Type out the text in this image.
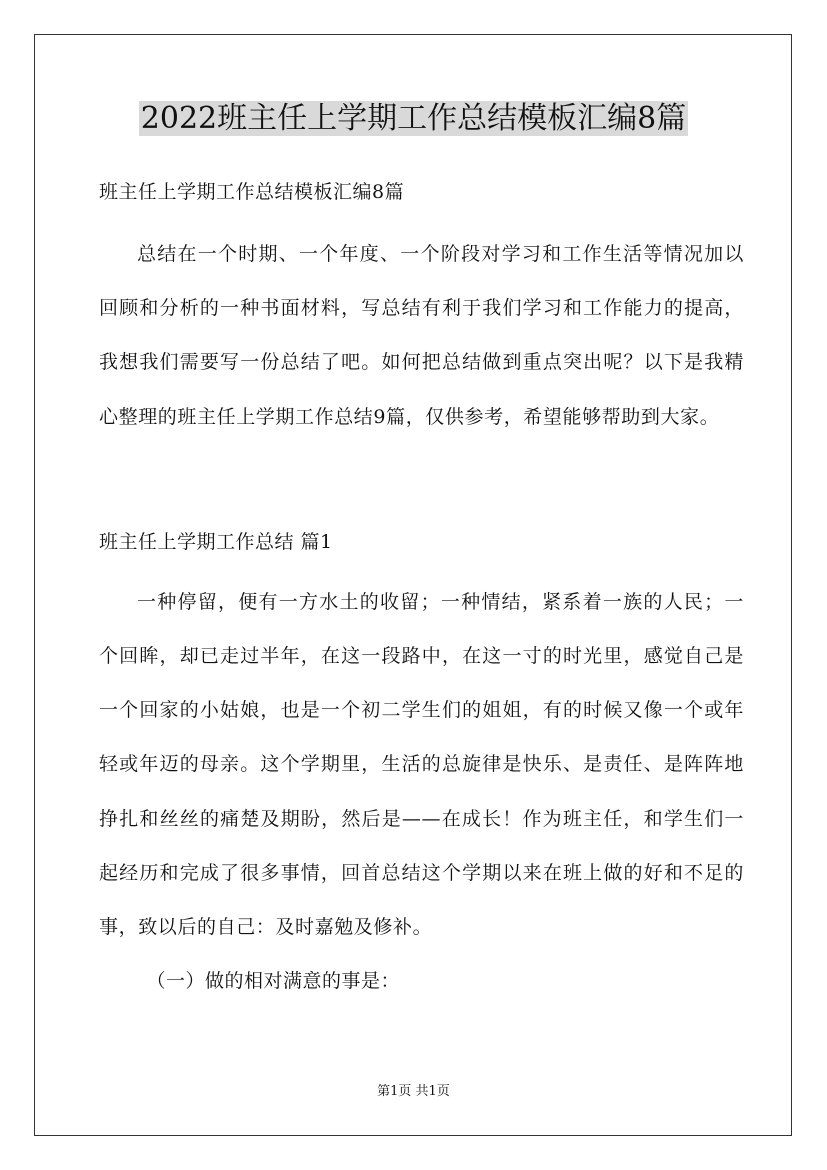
2022班主任上学期工作总结模板汇编8篇

班主任上学期工作总结模板汇编8篇

总结在一个时期、一个年度、一个阶段对学习和工作生活等情况加以回顾和分析的一种书面材料，写总结有利于我们学习和工作能力的提高，我想我们需要写一份总结了吧。如何把总结做到重点突出呢？以下是我精心整理的班主任上学期工作总结9篇，仅供参考，希望能够帮助到大家。

班主任上学期工作总结 篇1

一种停留，便有一方水土的收留；一种情结，紧系着一族的人民；一个回眸，却已走过半年，在这一段路中，在这一寸的时光里，感觉自己是一个回家的小姑娘，也是一个初二学生们的姐姐，有的时候又像一个或年轻或年迈的母亲。这个学期里，生活的总旋律是快乐、是责任、是阵阵地挣扎和丝丝的痛楚及期盼，然后是——在成长！作为班主任，和学生们一起经历和完成了很多事情，回首总结这个学期以来在班上做的好和不足的事，致以后的自己：及时嘉勉及修补。

（一）做的相对满意的事是：

第1页 共1页
